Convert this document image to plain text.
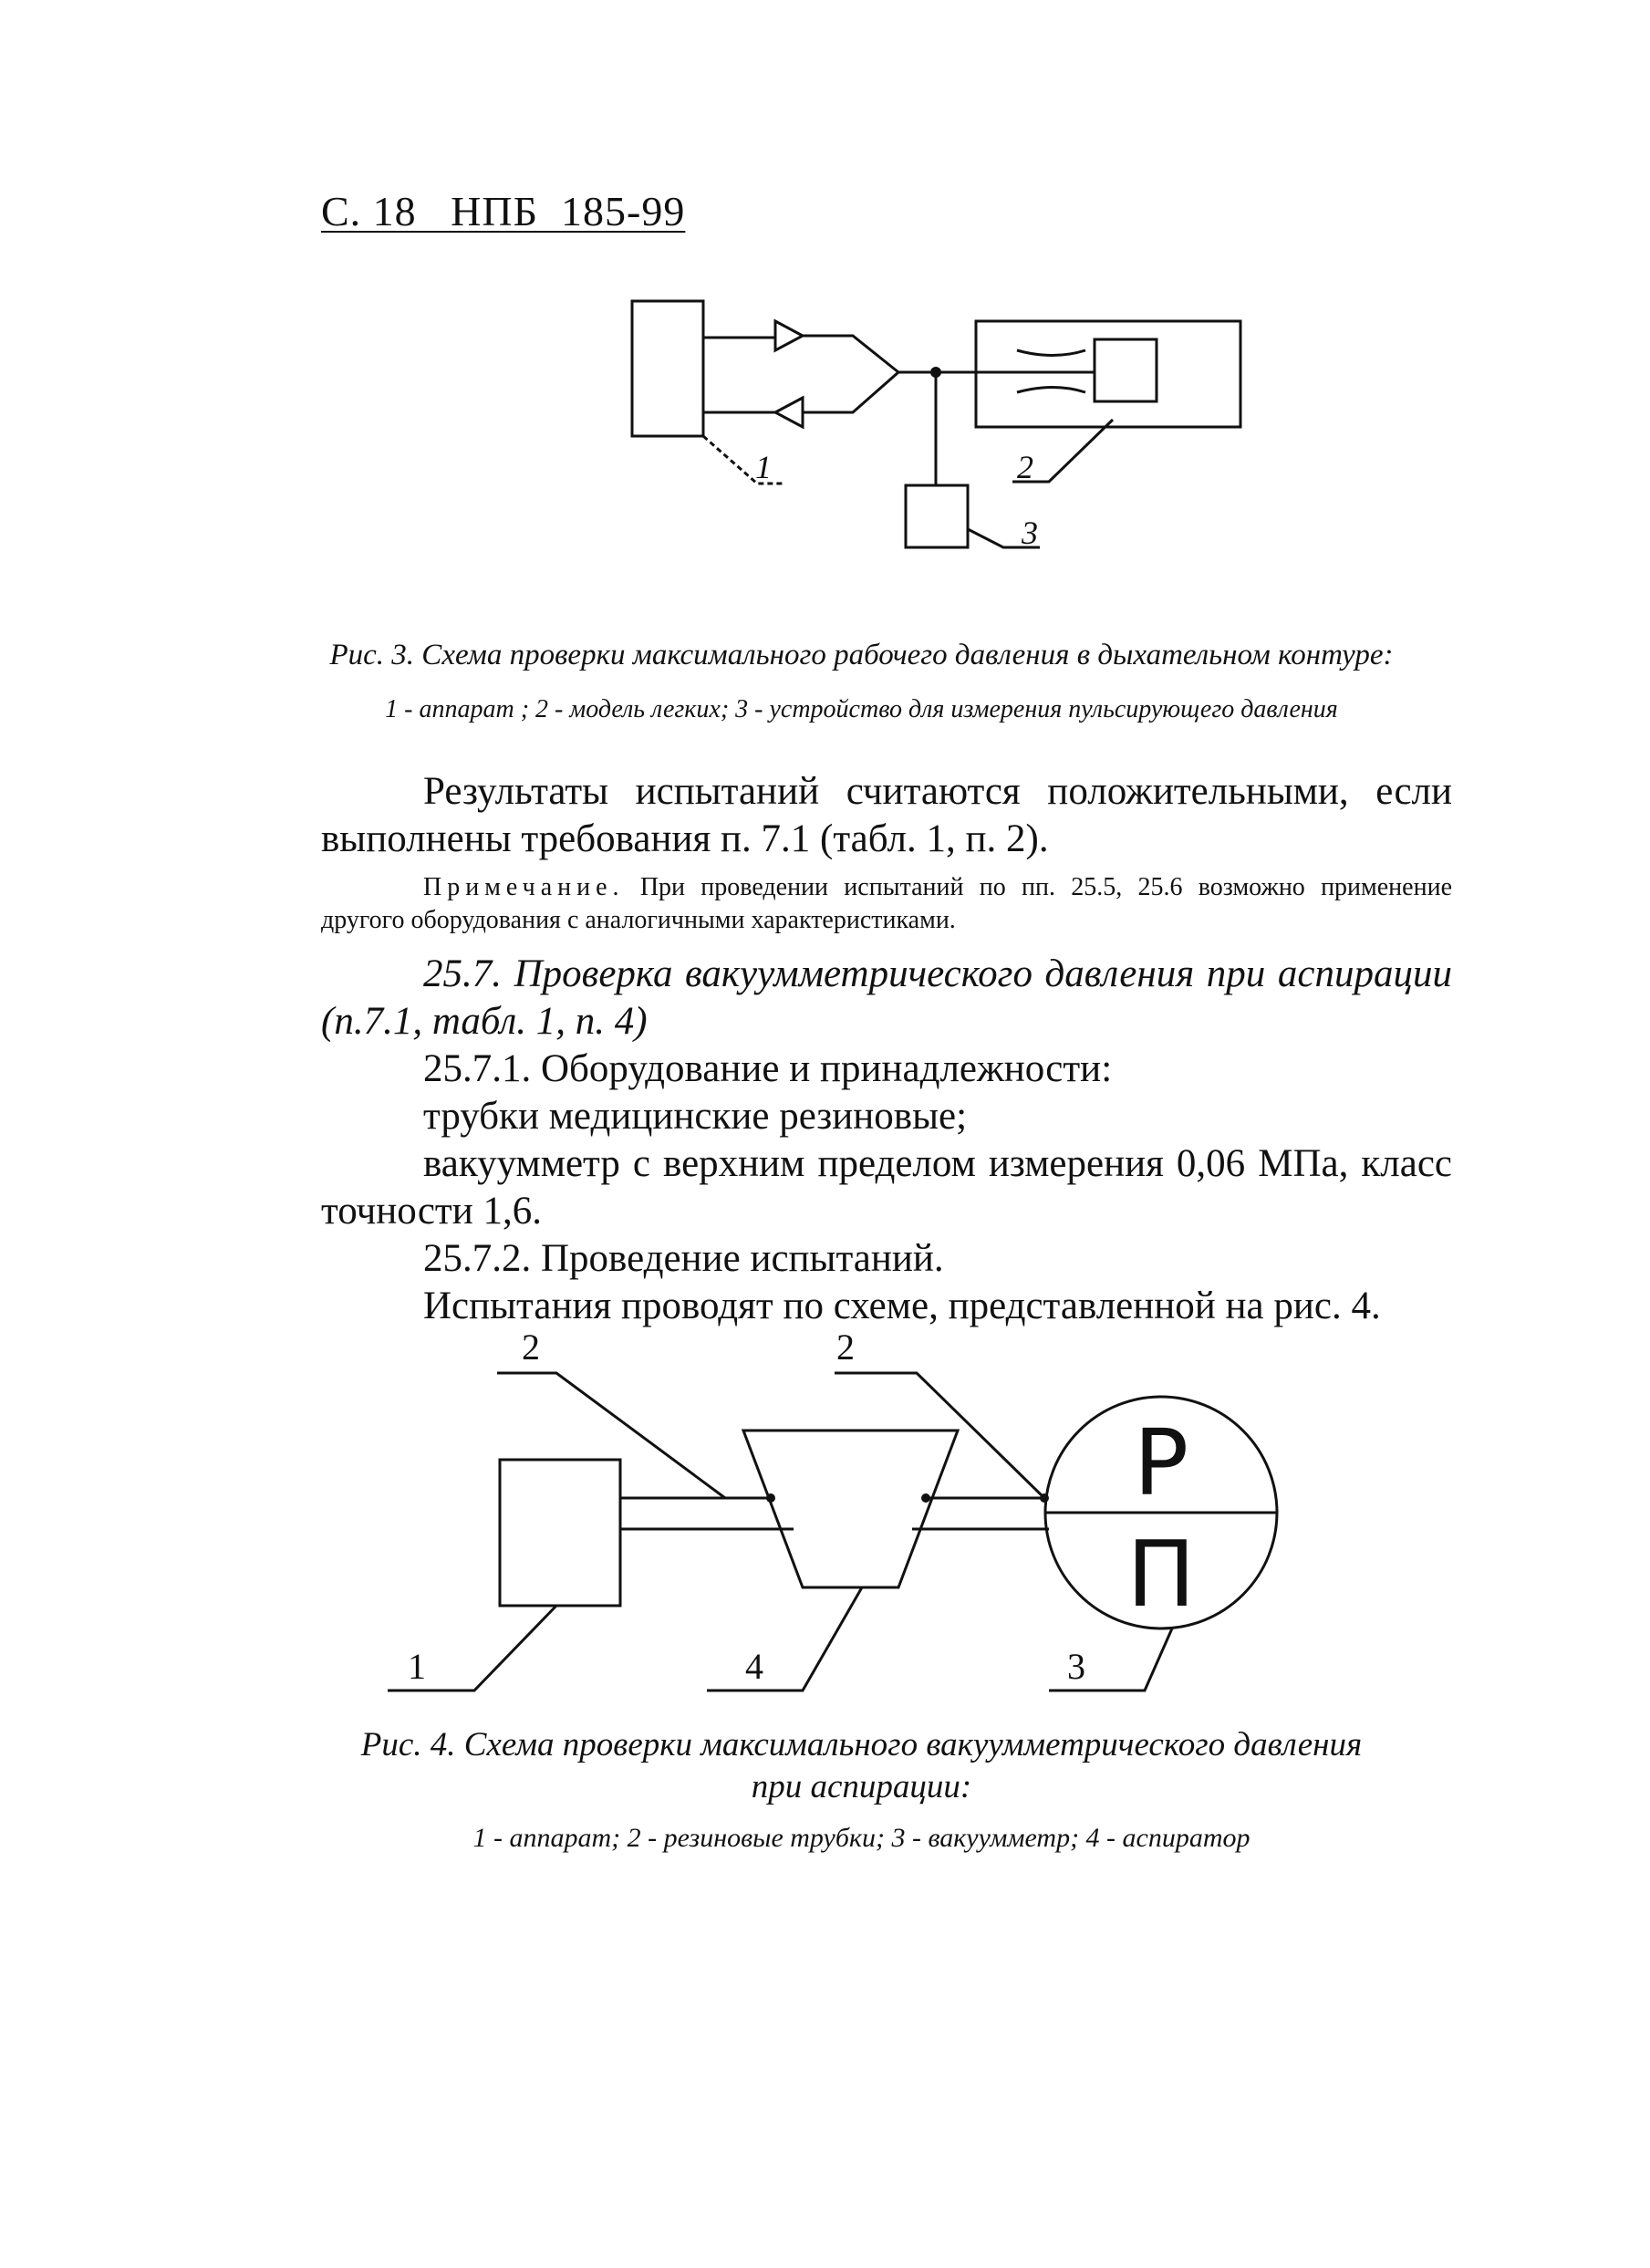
С. 18   НПБ  185-99
1	2
3
Рис. 3. Схема проверки максимального рабочего давления в дыхательном контуре:
1 - аппарат ; 2 - модель легких; 3 - устройство для измерения пульсирующего давления
Результаты испытаний считаются положительными, если выполнены требования п. 7.1 (табл. 1, п. 2).
Примечание. При проведении испытаний по пп. 25.5, 25.6 возможно применение другого оборудования с аналогичными характеристиками.
25.7. Проверка вакуумметрического давления при аспирации (п.7.1, табл. 1, п. 4)
25.7.1. Оборудование и принадлежности:
трубки медицинские резиновые;
вакуумметр с верхним пределом измерения 0,06 МПа, класс точности 1,6.
25.7.2. Проведение испытаний.
Испытания проводят по схеме, представленной на рис. 4.
Р
П
2	2
1	4	3
Рис. 4. Схема проверки максимального вакуумметрического давления
при аспирации:
1 - аппарат; 2 - резиновые трубки; 3 - вакуумметр; 4 - аспиратор
